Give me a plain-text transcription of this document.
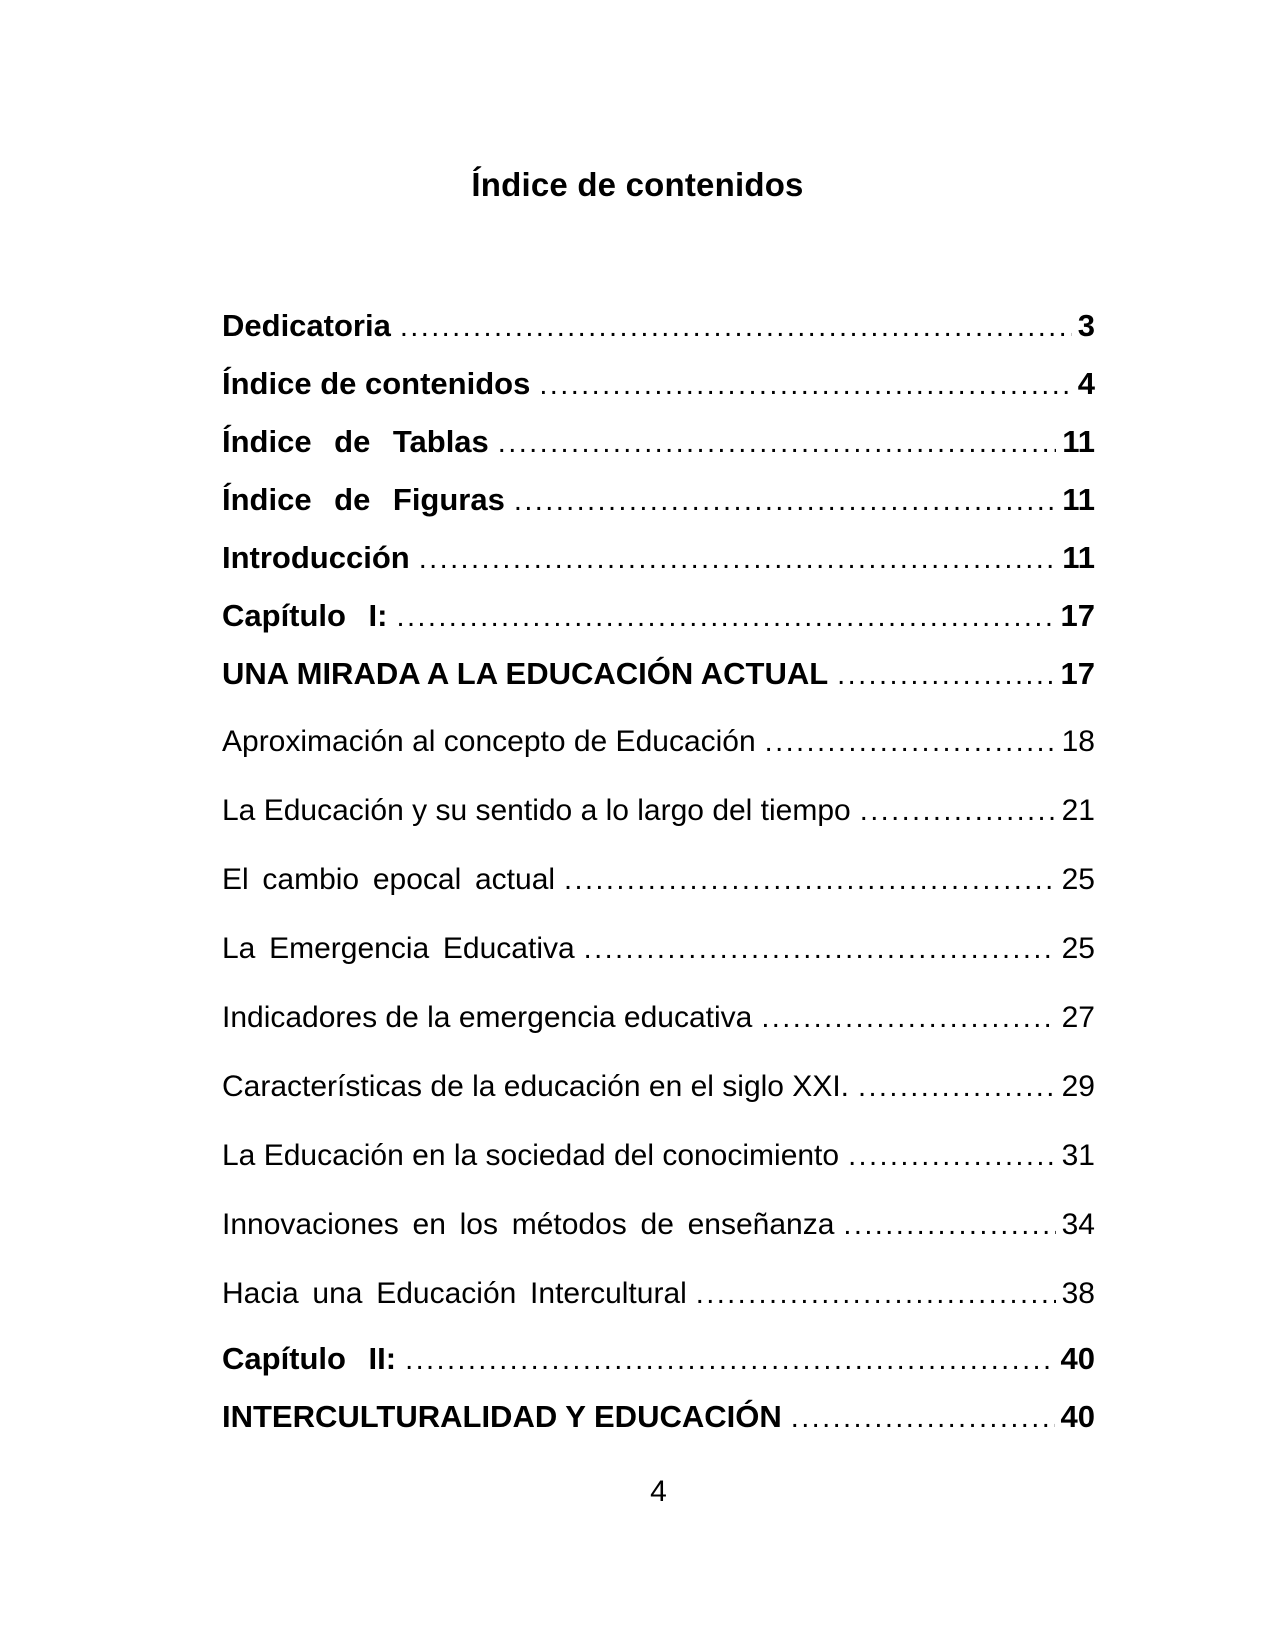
Índice de contenidos
Dedicatoria .....	3
Índice de contenidos .....	4
Índice de Tablas .....	11
Índice de Figuras .....	11
Introducción .....	11
Capítulo I: .....	17
UNA MIRADA A LA EDUCACIÓN ACTUAL .....	17
Aproximación al concepto de Educación .....	18
La Educación y su sentido a lo largo del tiempo .....	21
El cambio epocal actual .....	25
La Emergencia Educativa .....	25
Indicadores de la emergencia educativa .....	27
Características de la educación en el siglo XXI. .....	29
La Educación en la sociedad del conocimiento .....	31
Innovaciones en los métodos de enseñanza .....	34
Hacia una Educación Intercultural .....	38
Capítulo II: .....	40
INTERCULTURALIDAD Y EDUCACIÓN .....	40
4
